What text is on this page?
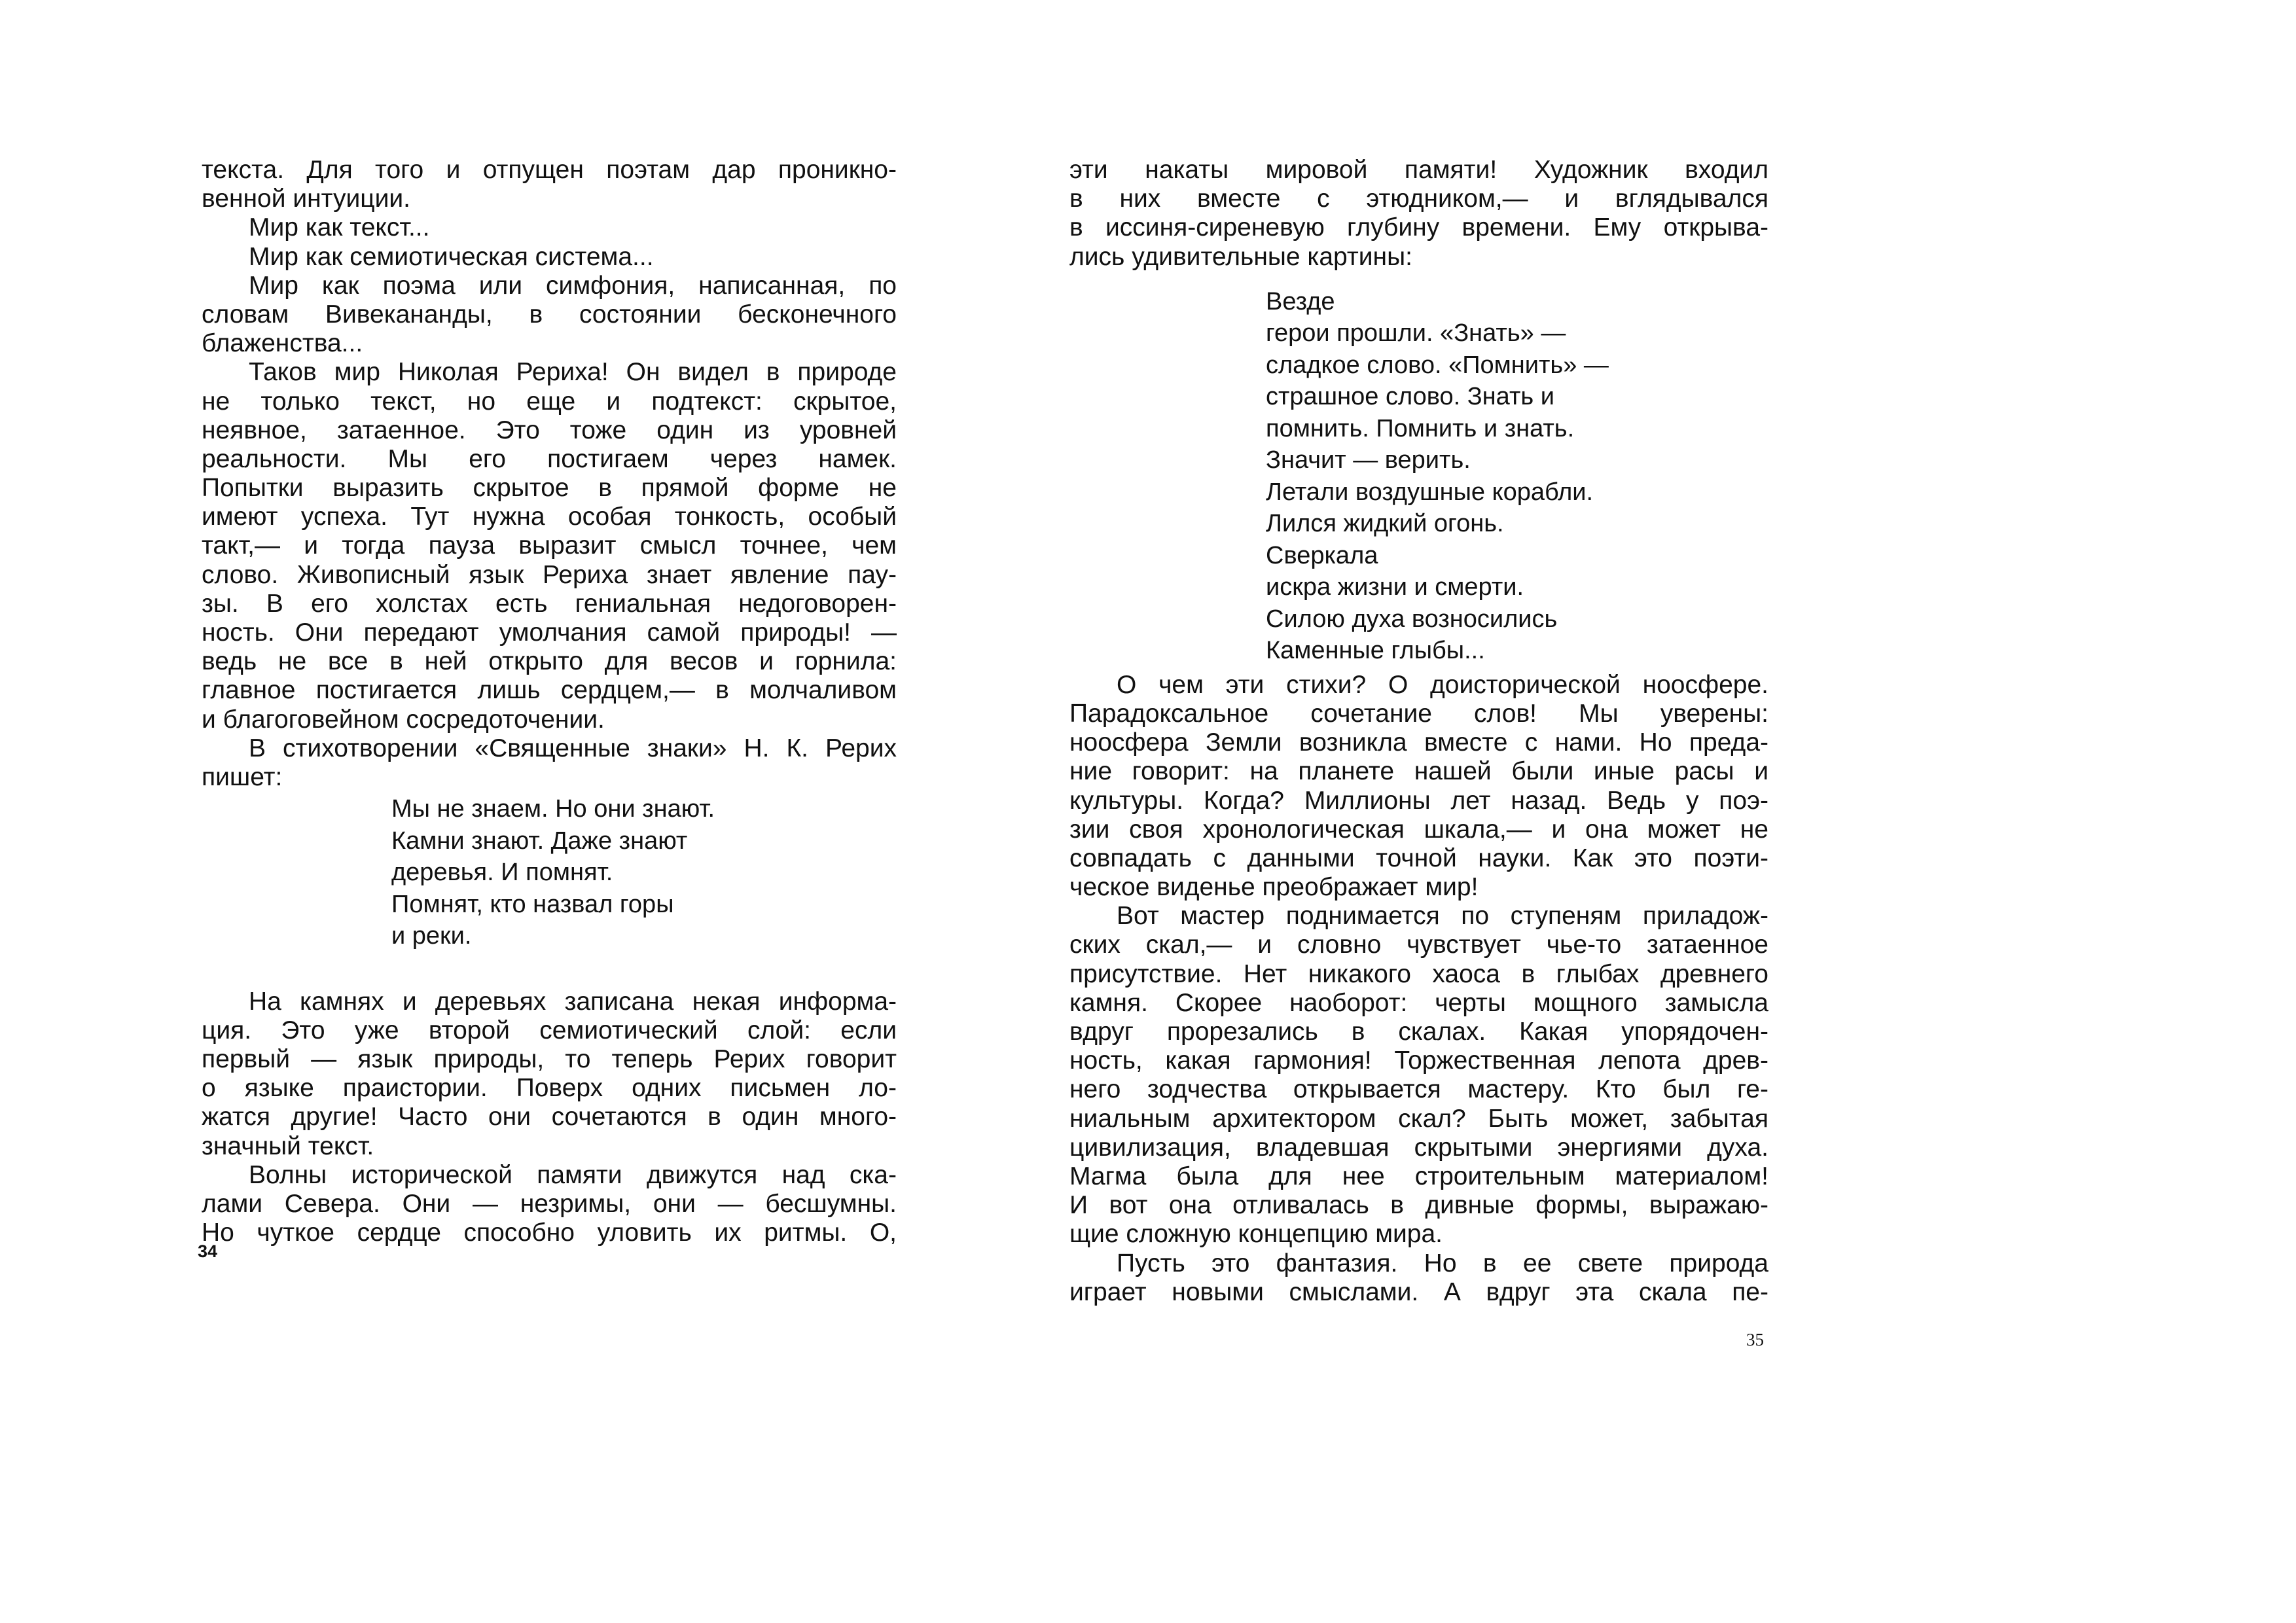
текста. Для того и отпущен поэтам дар проникно-
венной интуиции.
Мир как текст...
Мир как семиотическая система...
Мир как поэма или симфония, написанная, по
словам Вивекананды, в состоянии бесконечного
блаженства...
Таков мир Николая Рериха! Он видел в природе
не только текст, но еще и подтекст: скрытое,
неявное, затаенное. Это тоже один из уровней
реальности. Мы его постигаем через намек.
Попытки выразить скрытое в прямой форме не
имеют успеха. Тут нужна особая тонкость, особый
такт,— и тогда пауза выразит смысл точнее, чем
слово. Живописный язык Рериха знает явление пау-
зы. В его холстах есть гениальная недоговорен-
ность. Они передают умолчания самой природы! —
ведь не все в ней открыто для весов и горнила:
главное постигается лишь сердцем,— в молчаливом
и благоговейном сосредоточении.
В стихотворении «Священные знаки» Н. К. Рерих
пишет:
Мы не знаем. Но они знают.
Камни знают. Даже знают
деревья. И помнят.
Помнят, кто назвал горы
и реки.
На камнях и деревьях записана некая информа-
ция. Это уже второй семиотический слой: если
первый — язык природы, то теперь Рерих говорит
о языке праистории. Поверх одних письмен ло-
жатся другие! Часто они сочетаются в один много-
значный текст.
Волны исторической памяти движутся над ска-
лами Севера. Они — незримы, они — бесшумны.
Но чуткое сердце способно уловить их ритмы. О,
34
эти накаты мировой памяти! Художник входил
в них вместе с этюдником,— и вглядывался
в иссиня-сиреневую глубину времени. Ему открыва-
лись удивительные картины:
Везде
герои прошли. «Знать» —
сладкое слово. «Помнить» —
страшное слово. Знать и
помнить. Помнить и знать.
Значит — верить.
Летали воздушные корабли.
Лился жидкий огонь.
Сверкала
искра жизни и смерти.
Силою духа возносились
Каменные глыбы...
О чем эти стихи? О доисторической ноосфере.
Парадоксальное сочетание слов! Мы уверены:
ноосфера Земли возникла вместе с нами. Но преда-
ние говорит: на планете нашей были иные расы и
культуры. Когда? Миллионы лет назад. Ведь у поэ-
зии своя хронологическая шкала,— и она может не
совпадать с данными точной науки. Как это поэти-
ческое виденье преображает мир!
Вот мастер поднимается по ступеням приладож-
ских скал,— и словно чувствует чье-то затаенное
присутствие. Нет никакого хаоса в глыбах древнего
камня. Скорее наоборот: черты мощного замысла
вдруг прорезались в скалах. Какая упорядочен-
ность, какая гармония! Торжественная лепота древ-
него зодчества открывается мастеру. Кто был ге-
ниальным архитектором скал? Быть может, забытая
цивилизация, владевшая скрытыми энергиями духа.
Магма была для нее строительным материалом!
И вот она отливалась в дивные формы, выражаю-
щие сложную концепцию мира.
Пусть это фантазия. Но в ее свете природа
играет новыми смыслами. А вдруг эта скала пе-
35
